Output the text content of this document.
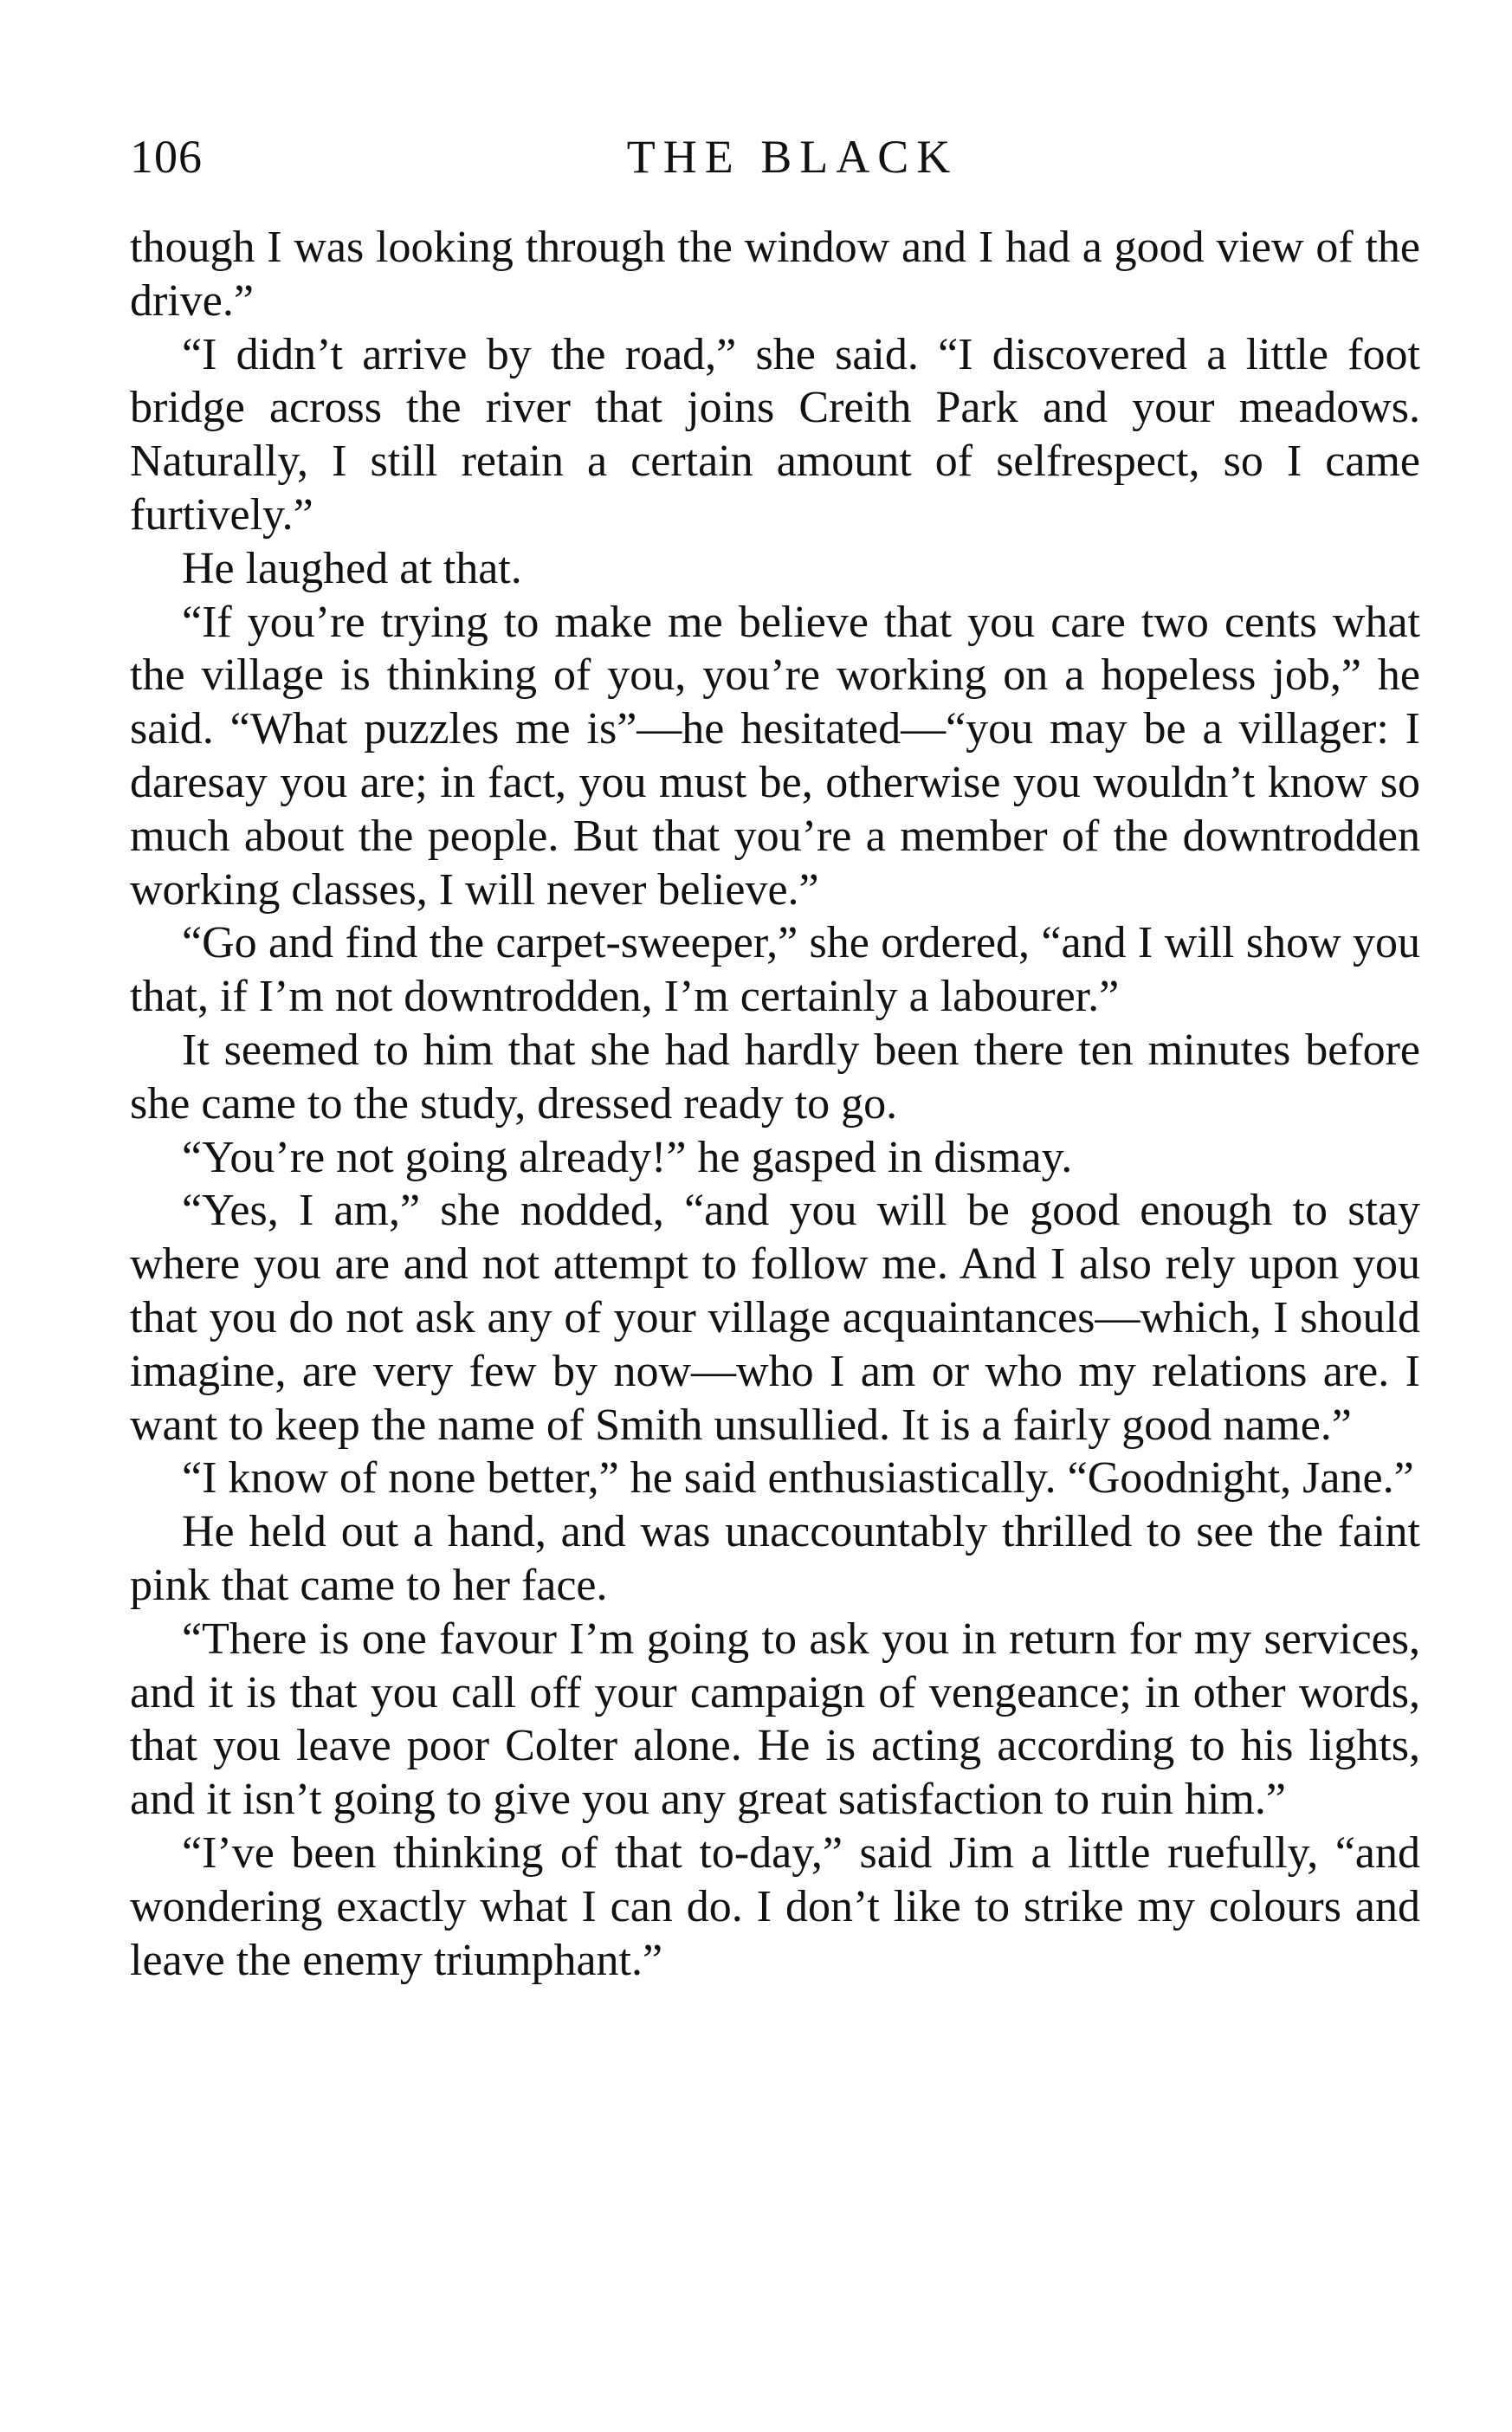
106	THE BLACK

though I was looking through the window and I had a good view of the drive.”

“I didn’t arrive by the road,” she said. “I discovered a little foot bridge across the river that joins Creith Park and your meadows. Naturally, I still retain a certain amount of selfrespect, so I came furtively.”

He laughed at that.

“If you’re trying to make me believe that you care two cents what the village is thinking of you, you’re working on a hopeless job,” he said. “What puzzles me is”—he hesitated—“you may be a villager: I daresay you are; in fact, you must be, otherwise you wouldn’t know so much about the people. But that you’re a member of the downtrodden working classes, I will never believe.”

“Go and find the carpet-sweeper,” she ordered, “and I will show you that, if I’m not downtrodden, I’m certainly a labourer.”

It seemed to him that she had hardly been there ten minutes before she came to the study, dressed ready to go.

“You’re not going already!” he gasped in dismay.

“Yes, I am,” she nodded, “and you will be good enough to stay where you are and not attempt to follow me. And I also rely upon you that you do not ask any of your village acquaintances—which, I should imagine, are very few by now—who I am or who my relations are. I want to keep the name of Smith unsullied. It is a fairly good name.”

“I know of none better,” he said enthusiastically. “Goodnight, Jane.”

He held out a hand, and was unaccountably thrilled to see the faint pink that came to her face.

“There is one favour I’m going to ask you in return for my services, and it is that you call off your campaign of vengeance; in other words, that you leave poor Colter alone. He is acting according to his lights, and it isn’t going to give you any great satisfaction to ruin him.”

“I’ve been thinking of that to-day,” said Jim a little ruefully, “and wondering exactly what I can do. I don’t like to strike my colours and leave the enemy triumphant.”
